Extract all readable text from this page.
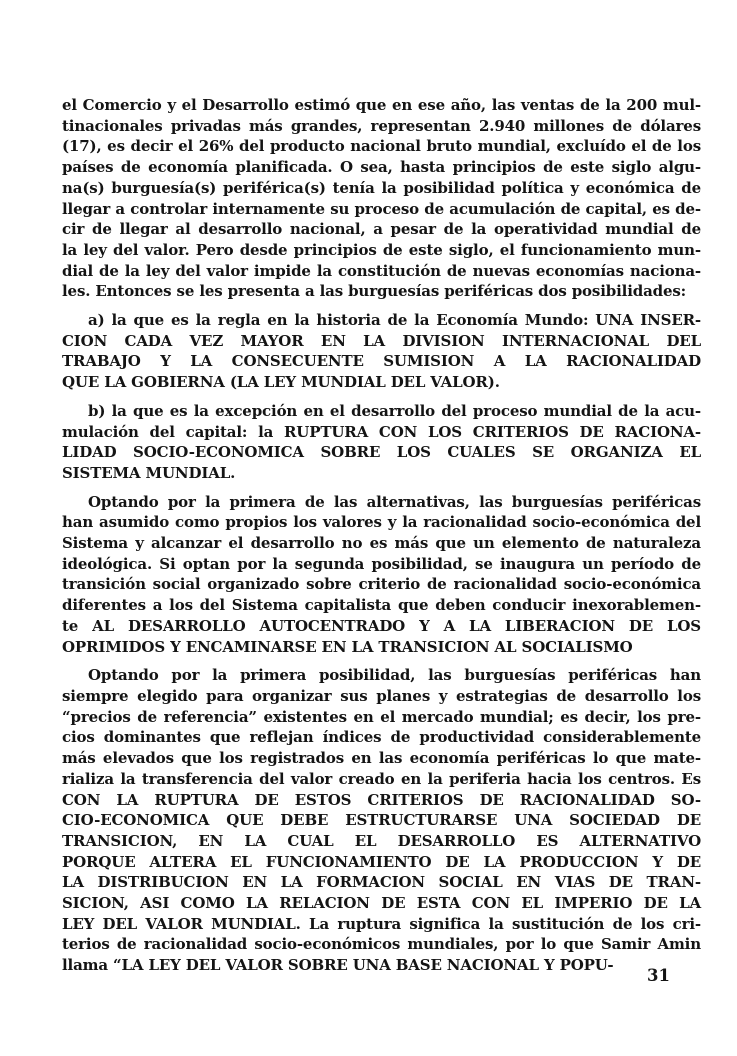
el Comercio y el Desarrollo estimó que en ese año, las ventas de la 200 mul-
tinacionales privadas más grandes, representan 2.940 millones de dólares
(17), es decir el 26% del producto nacional bruto mundial, excluído el de los
países de economía planificada. O sea, hasta principios de este siglo algu-
na(s) burguesía(s) periférica(s) tenía la posibilidad política y económica de
llegar a controlar internamente su proceso de acumulación de capital, es de-
cir de llegar al desarrollo nacional, a pesar de la operatividad mundial de
la ley del valor. Pero desde principios de este siglo, el funcionamiento mun-
dial de la ley del valor impide la constitución de nuevas economías naciona-
les. Entonces se les presenta a las burguesías periféricas dos posibilidades:
a) la que es la regla en la historia de la Economía Mundo: UNA INSER-
CION CADA VEZ MAYOR EN LA DIVISION INTERNACIONAL DEL
TRABAJO Y LA CONSECUENTE SUMISION A LA RACIONALIDAD
QUE LA GOBIERNA (LA LEY MUNDIAL DEL VALOR).
b) la que es la excepción en el desarrollo del proceso mundial de la acu-
mulación del capital: la RUPTURA CON LOS CRITERIOS DE RACIONA-
LIDAD SOCIO-ECONOMICA SOBRE LOS CUALES SE ORGANIZA EL
SISTEMA MUNDIAL.
Optando por la primera de las alternativas, las burguesías periféricas
han asumido como propios los valores y la racionalidad socio-económica del
Sistema y alcanzar el desarrollo no es más que un elemento de naturaleza
ideológica. Si optan por la segunda posibilidad, se inaugura un período de
transición social organizado sobre criterio de racionalidad socio-económica
diferentes a los del Sistema capitalista que deben conducir inexorablemen-
te AL DESARROLLO AUTOCENTRADO Y A LA LIBERACION DE LOS
OPRIMIDOS Y ENCAMINARSE EN LA TRANSICION AL SOCIALISMO
Optando por la primera posibilidad, las burguesías periféricas han
siempre elegido para organizar sus planes y estrategias de desarrollo los
“precios de referencia” existentes en el mercado mundial; es decir, los pre-
cios dominantes que reflejan índices de productividad considerablemente
más elevados que los registrados en las economía periféricas lo que mate-
rializa la transferencia del valor creado en la periferia hacia los centros. Es
CON LA RUPTURA DE ESTOS CRITERIOS DE RACIONALIDAD SO-
CIO-ECONOMICA QUE DEBE ESTRUCTURARSE UNA SOCIEDAD DE
TRANSICION, EN LA CUAL EL DESARROLLO ES ALTERNATIVO
PORQUE ALTERA EL FUNCIONAMIENTO DE LA PRODUCCION Y DE
LA DISTRIBUCION EN LA FORMACION SOCIAL EN VIAS DE TRAN-
SICION, ASI COMO LA RELACION DE ESTA CON EL IMPERIO DE LA
LEY DEL VALOR MUNDIAL. La ruptura significa la sustitución de los cri-
terios de racionalidad socio-económicos mundiales, por lo que Samir Amin
llama “LA LEY DEL VALOR SOBRE UNA BASE NACIONAL Y POPU-
31
